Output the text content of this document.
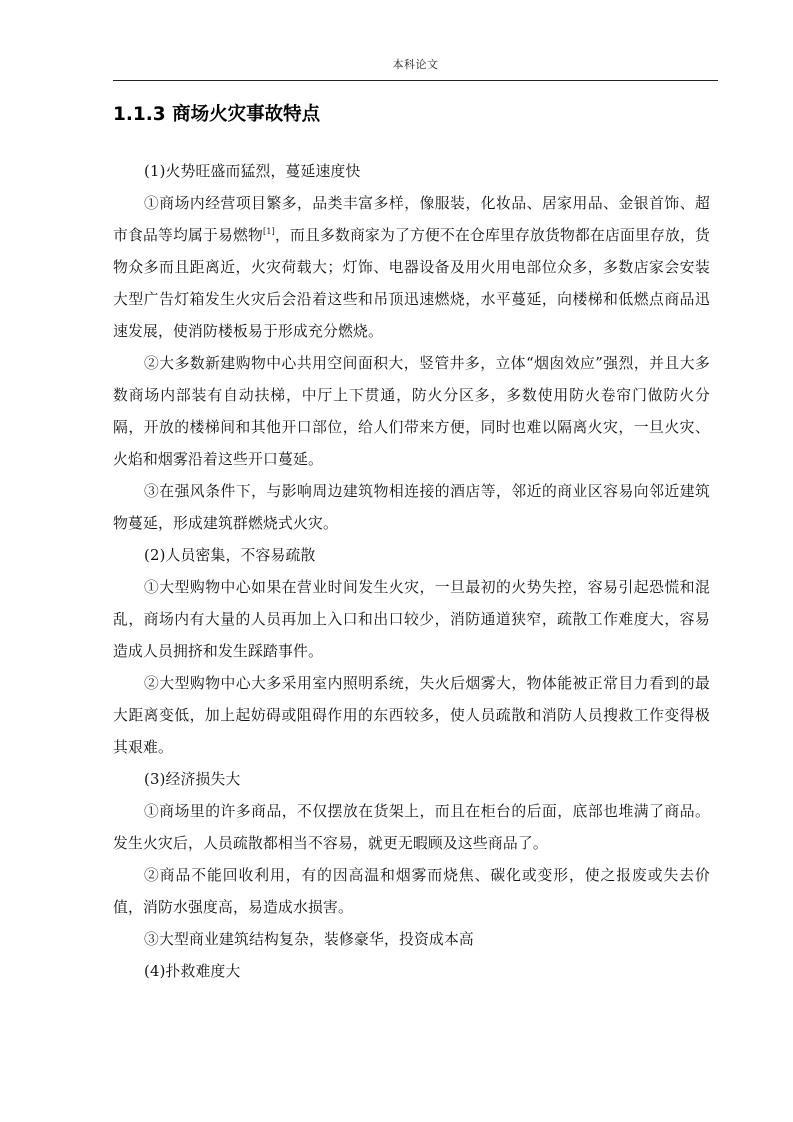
本科论文
1.1.3 商场火灾事故特点

(1)火势旺盛而猛烈，蔓延速度快

①商场内经营项目繁多，品类丰富多样，像服装，化妆品、居家用品、金银首饰、超市食品等均属于易燃物[1]，而且多数商家为了方便不在仓库里存放货物都在店面里存放，货物众多而且距离近，火灾荷载大；灯饰、电器设备及用火用电部位众多，多数店家会安装大型广告灯箱发生火灾后会沿着这些和吊顶迅速燃烧，水平蔓延，向楼梯和低燃点商品迅速发展，使消防楼板易于形成充分燃烧。

②大多数新建购物中心共用空间面积大，竖管井多，立体“烟囱效应”强烈，并且大多数商场内部装有自动扶梯，中厅上下贯通，防火分区多，多数使用防火卷帘门做防火分隔，开放的楼梯间和其他开口部位，给人们带来方便，同时也难以隔离火灾，一旦火灾、火焰和烟雾沿着这些开口蔓延。

③在强风条件下，与影响周边建筑物相连接的酒店等，邻近的商业区容易向邻近建筑物蔓延，形成建筑群燃烧式火灾。

(2)人员密集，不容易疏散

①大型购物中心如果在营业时间发生火灾，一旦最初的火势失控，容易引起恐慌和混乱，商场内有大量的人员再加上入口和出口较少，消防通道狭窄，疏散工作难度大，容易造成人员拥挤和发生踩踏事件。

②大型购物中心大多采用室内照明系统，失火后烟雾大，物体能被正常目力看到的最大距离变低，加上起妨碍或阻碍作用的东西较多，使人员疏散和消防人员搜救工作变得极其艰难。

(3)经济损失大

①商场里的许多商品，不仅摆放在货架上，而且在柜台的后面，底部也堆满了商品。发生火灾后，人员疏散都相当不容易，就更无暇顾及这些商品了。

②商品不能回收利用，有的因高温和烟雾而烧焦、碳化或变形，使之报废或失去价值，消防水强度高，易造成水损害。

③大型商业建筑结构复杂，装修豪华，投资成本高

(4)扑救难度大
